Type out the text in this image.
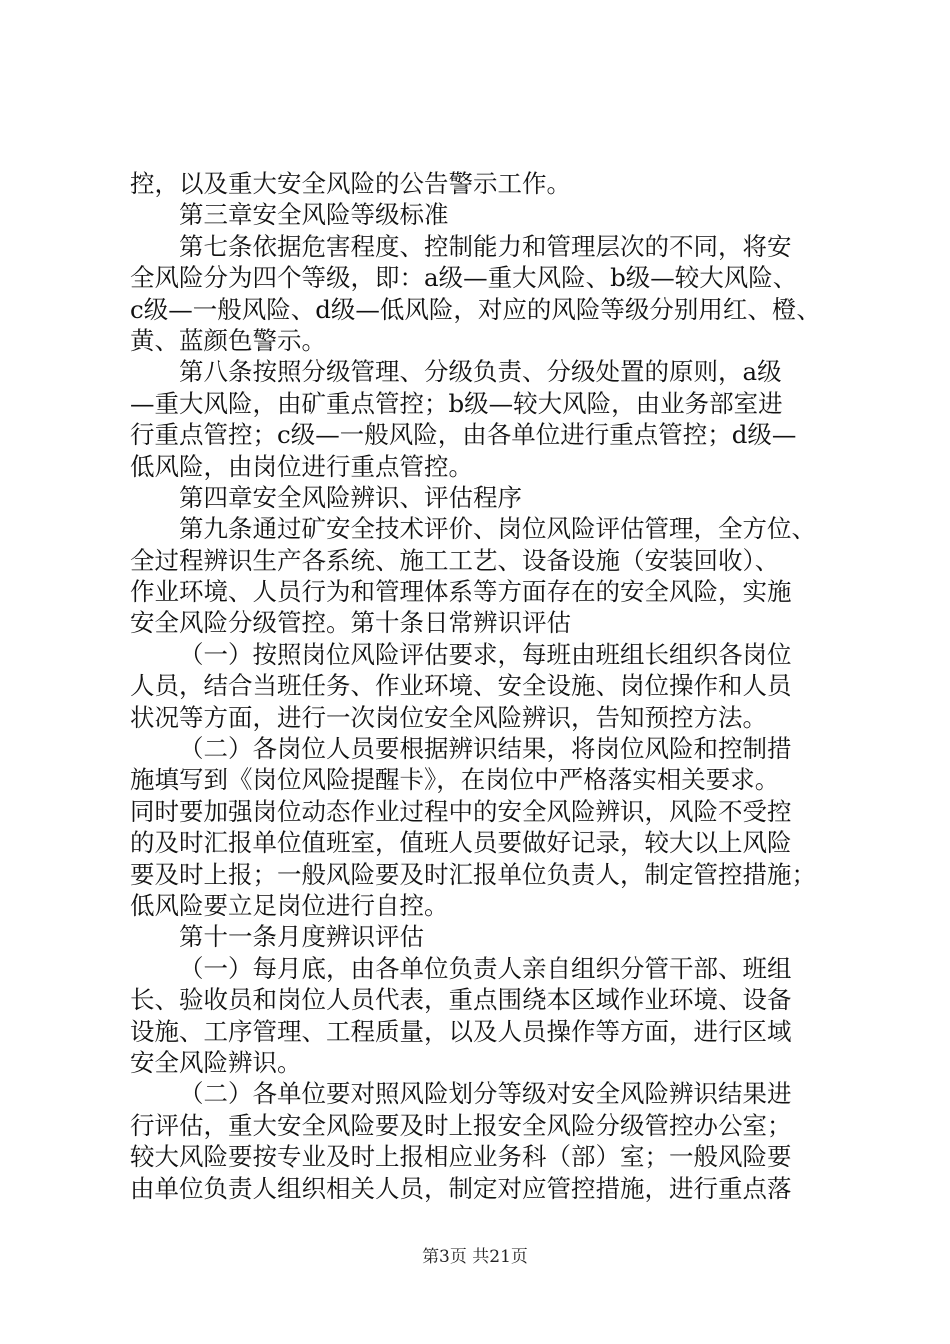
控，以及重大安全风险的公告警示工作。
第三章安全风险等级标准
第七条依据危害程度、控制能力和管理层次的不同，将安
全风险分为四个等级，即：a级—重大风险、b级—较大风险、
c级—一般风险、d级—低风险，对应的风险等级分别用红、橙、
黄、蓝颜色警示。
第八条按照分级管理、分级负责、分级处置的原则，a级
—重大风险，由矿重点管控；b级—较大风险，由业务部室进
行重点管控；c级—一般风险，由各单位进行重点管控；d级—
低风险，由岗位进行重点管控。
第四章安全风险辨识、评估程序
第九条通过矿安全技术评价、岗位风险评估管理，全方位、
全过程辨识生产各系统、施工工艺、设备设施（安装回收）、
作业环境、人员行为和管理体系等方面存在的安全风险，实施
安全风险分级管控。第十条日常辨识评估
（一）按照岗位风险评估要求，每班由班组长组织各岗位
人员，结合当班任务、作业环境、安全设施、岗位操作和人员
状况等方面，进行一次岗位安全风险辨识，告知预控方法。
（二）各岗位人员要根据辨识结果，将岗位风险和控制措
施填写到《岗位风险提醒卡》，在岗位中严格落实相关要求。
同时要加强岗位动态作业过程中的安全风险辨识，风险不受控
的及时汇报单位值班室，值班人员要做好记录，较大以上风险
要及时上报；一般风险要及时汇报单位负责人，制定管控措施；
低风险要立足岗位进行自控。
第十一条月度辨识评估
（一）每月底，由各单位负责人亲自组织分管干部、班组
长、验收员和岗位人员代表，重点围绕本区域作业环境、设备
设施、工序管理、工程质量，以及人员操作等方面，进行区域
安全风险辨识。
（二）各单位要对照风险划分等级对安全风险辨识结果进
行评估，重大安全风险要及时上报安全风险分级管控办公室；
较大风险要按专业及时上报相应业务科（部）室；一般风险要
由单位负责人组织相关人员，制定对应管控措施，进行重点落
第3页 共21页
